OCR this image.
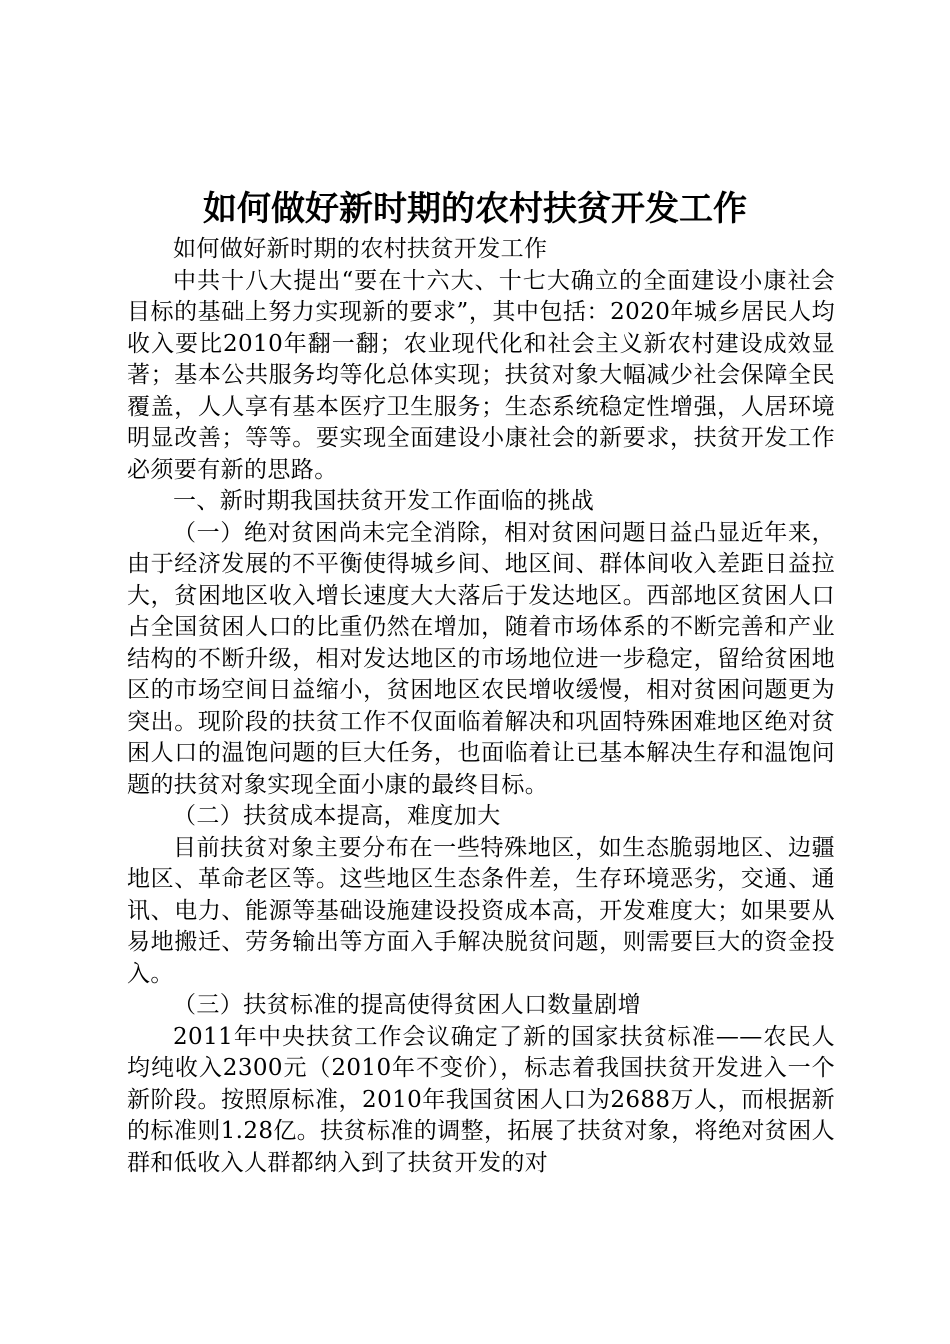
如何做好新时期的农村扶贫开发工作

如何做好新时期的农村扶贫开发工作

中共十八大提出“要在十六大、十七大确立的全面建设小康社会目标的基础上努力实现新的要求”，其中包括：2020年城乡居民人均收入要比2010年翻一翻；农业现代化和社会主义新农村建设成效显著；基本公共服务均等化总体实现；扶贫对象大幅减少社会保障全民覆盖，人人享有基本医疗卫生服务；生态系统稳定性增强，人居环境明显改善；等等。要实现全面建设小康社会的新要求，扶贫开发工作必须要有新的思路。

一、新时期我国扶贫开发工作面临的挑战

（一）绝对贫困尚未完全消除，相对贫困问题日益凸显近年来，由于经济发展的不平衡使得城乡间、地区间、群体间收入差距日益拉大，贫困地区收入增长速度大大落后于发达地区。西部地区贫困人口占全国贫困人口的比重仍然在增加，随着市场体系的不断完善和产业结构的不断升级，相对发达地区的市场地位进一步稳定，留给贫困地区的市场空间日益缩小，贫困地区农民增收缓慢，相对贫困问题更为突出。现阶段的扶贫工作不仅面临着解决和巩固特殊困难地区绝对贫困人口的温饱问题的巨大任务，也面临着让已基本解决生存和温饱问题的扶贫对象实现全面小康的最终目标。

（二）扶贫成本提高，难度加大

目前扶贫对象主要分布在一些特殊地区，如生态脆弱地区、边疆地区、革命老区等。这些地区生态条件差，生存环境恶劣，交通、通讯、电力、能源等基础设施建设投资成本高，开发难度大；如果要从易地搬迁、劳务输出等方面入手解决脱贫问题，则需要巨大的资金投入。

（三）扶贫标准的提高使得贫困人口数量剧增

2011年中央扶贫工作会议确定了新的国家扶贫标准——农民人均纯收入2300元（2010年不变价），标志着我国扶贫开发进入一个新阶段。按照原标准，2010年我国贫困人口为2688万人，而根据新的标准则1.28亿。扶贫标准的调整，拓展了扶贫对象，将绝对贫困人群和低收入人群都纳入到了扶贫开发的对
